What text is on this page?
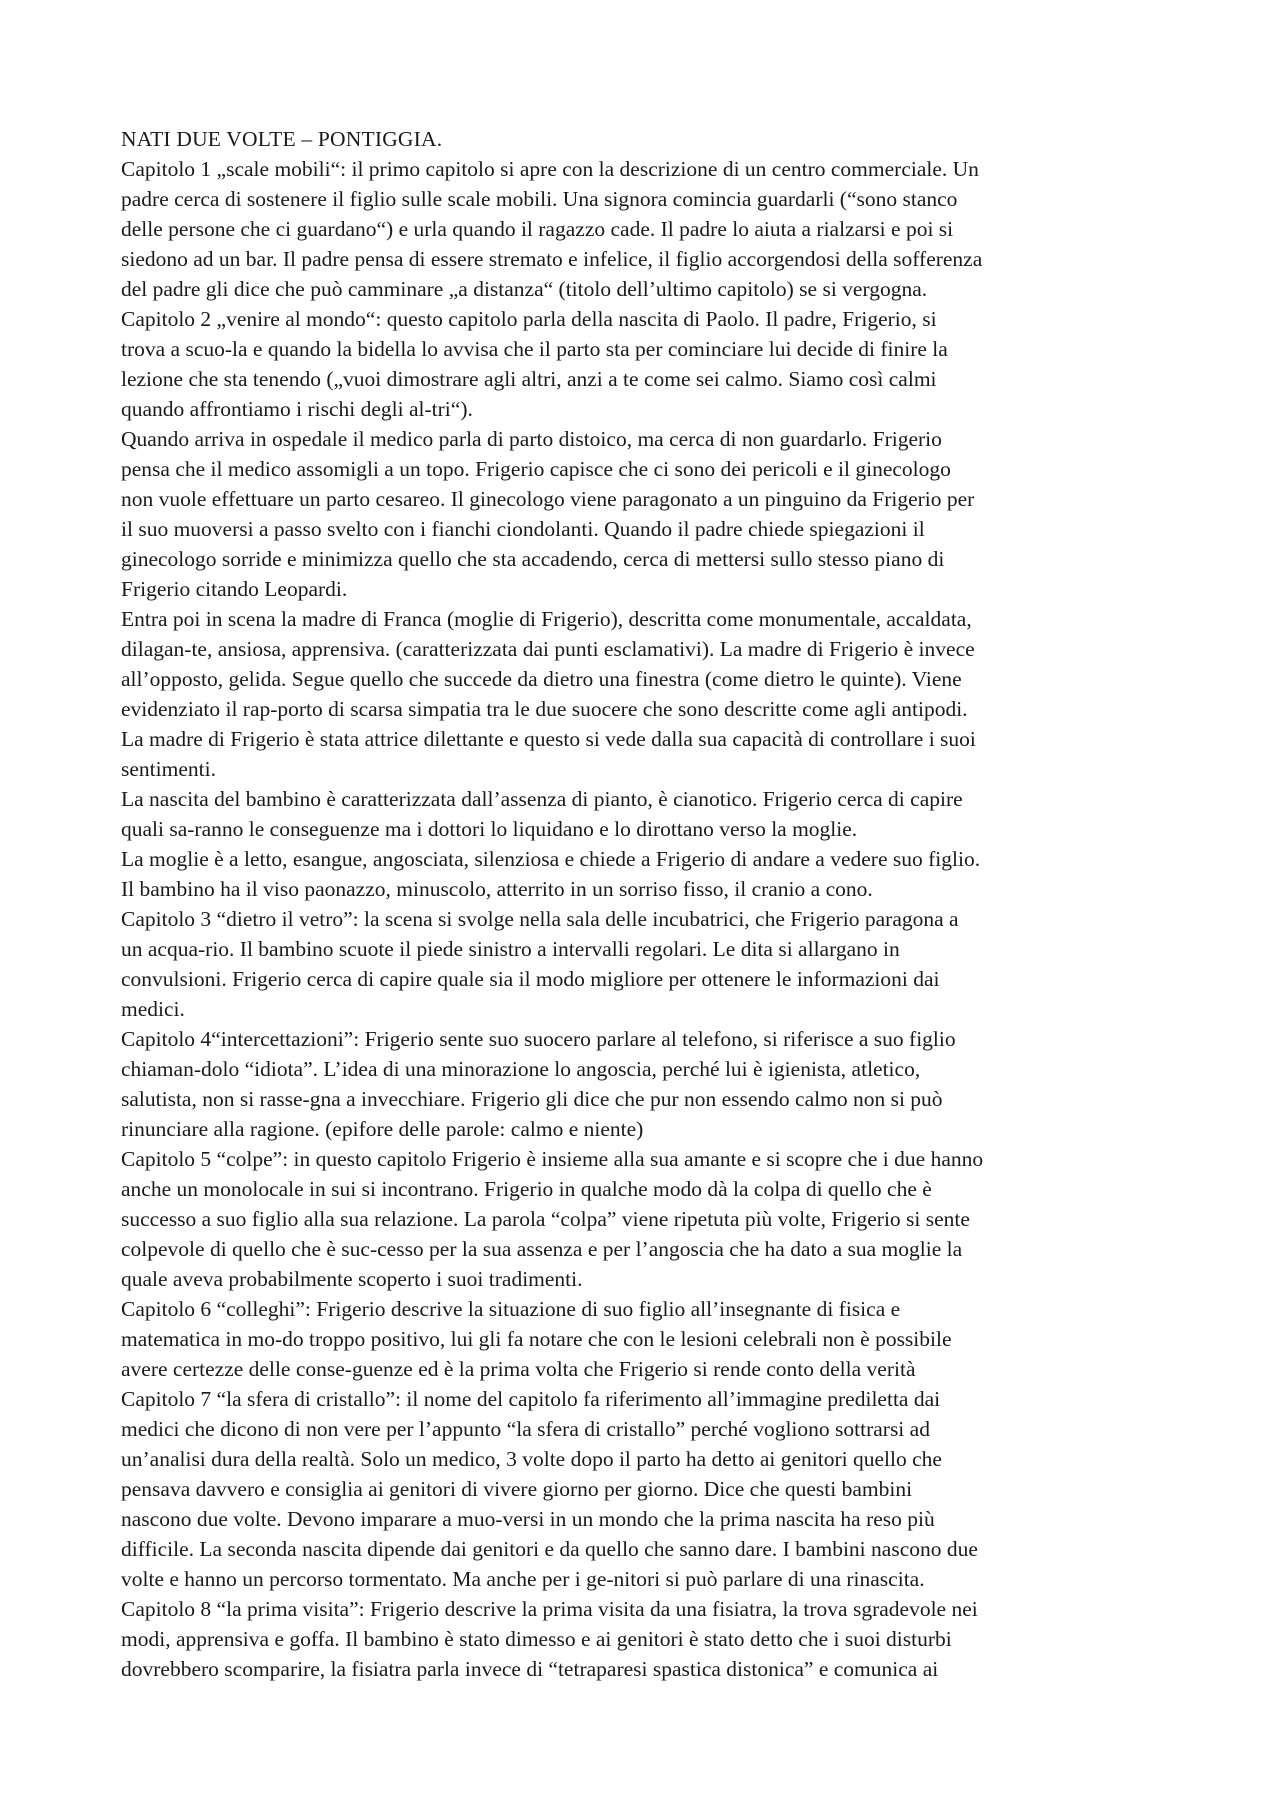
NATI DUE VOLTE – PONTIGGIA.
Capitolo 1 „scale mobili“: il primo capitolo si apre con la descrizione di un centro commerciale. Un
padre cerca di sostenere il figlio sulle scale mobili. Una signora comincia guardarli (“sono stanco
delle persone che ci guardano“) e urla quando il ragazzo cade. Il padre lo aiuta a rialzarsi e poi si
siedono ad un bar. Il padre pensa di essere stremato e infelice, il figlio accorgendosi della sofferenza
del padre gli dice che può camminare „a distanza“ (titolo dell’ultimo capitolo) se si vergogna.
Capitolo 2 „venire al mondo“: questo capitolo parla della nascita di Paolo. Il padre, Frigerio, si
trova a scuo-la e quando la bidella lo avvisa che il parto sta per cominciare lui decide di finire la
lezione che sta tenendo („vuoi dimostrare agli altri, anzi a te come sei calmo. Siamo così calmi
quando affrontiamo i rischi degli al-tri“).
Quando arriva in ospedale il medico parla di parto distoico, ma cerca di non guardarlo. Frigerio
pensa che il medico assomigli a un topo. Frigerio capisce che ci sono dei pericoli e il ginecologo
non vuole effettuare un parto cesareo. Il ginecologo viene paragonato a un pinguino da Frigerio per
il suo muoversi a passo svelto con i fianchi ciondolanti. Quando il padre chiede spiegazioni il
ginecologo sorride e minimizza quello che sta accadendo, cerca di mettersi sullo stesso piano di
Frigerio citando Leopardi.
Entra poi in scena la madre di Franca (moglie di Frigerio), descritta come monumentale, accaldata,
dilagan-te, ansiosa, apprensiva. (caratterizzata dai punti esclamativi). La madre di Frigerio è invece
all’opposto, gelida. Segue quello che succede da dietro una finestra (come dietro le quinte). Viene
evidenziato il rap-porto di scarsa simpatia tra le due suocere che sono descritte come agli antipodi.
La madre di Frigerio è stata attrice dilettante e questo si vede dalla sua capacità di controllare i suoi
sentimenti.
La nascita del bambino è caratterizzata dall’assenza di pianto, è cianotico. Frigerio cerca di capire
quali sa-ranno le conseguenze ma i dottori lo liquidano e lo dirottano verso la moglie.
La moglie è a letto, esangue, angosciata, silenziosa e chiede a Frigerio di andare a vedere suo figlio.
Il bambino ha il viso paonazzo, minuscolo, atterrito in un sorriso fisso, il cranio a cono.
Capitolo 3 “dietro il vetro”: la scena si svolge nella sala delle incubatrici, che Frigerio paragona a
un acqua-rio. Il bambino scuote il piede sinistro a intervalli regolari. Le dita si allargano in
convulsioni. Frigerio cerca di capire quale sia il modo migliore per ottenere le informazioni dai
medici.
Capitolo 4“intercettazioni”: Frigerio sente suo suocero parlare al telefono, si riferisce a suo figlio
chiaman-dolo “idiota”. L’idea di una minorazione lo angoscia, perché lui è igienista, atletico,
salutista, non si rasse-gna a invecchiare. Frigerio gli dice che pur non essendo calmo non si può
rinunciare alla ragione. (epifore delle parole: calmo e niente)
Capitolo 5 “colpe”: in questo capitolo Frigerio è insieme alla sua amante e si scopre che i due hanno
anche un monolocale in sui si incontrano. Frigerio in qualche modo dà la colpa di quello che è
successo a suo figlio alla sua relazione. La parola “colpa” viene ripetuta più volte, Frigerio si sente
colpevole di quello che è suc-cesso per la sua assenza e per l’angoscia che ha dato a sua moglie la
quale aveva probabilmente scoperto i suoi tradimenti.
Capitolo 6 “colleghi”: Frigerio descrive la situazione di suo figlio all’insegnante di fisica e
matematica in mo-do troppo positivo, lui gli fa notare che con le lesioni celebrali non è possibile
avere certezze delle conse-guenze ed è la prima volta che Frigerio si rende conto della verità
Capitolo 7 “la sfera di cristallo”: il nome del capitolo fa riferimento all’immagine prediletta dai
medici che dicono di non vere per l’appunto “la sfera di cristallo” perché vogliono sottrarsi ad
un’analisi dura della realtà. Solo un medico, 3 volte dopo il parto ha detto ai genitori quello che
pensava davvero e consiglia ai genitori di vivere giorno per giorno. Dice che questi bambini
nascono due volte. Devono imparare a muo-versi in un mondo che la prima nascita ha reso più
difficile. La seconda nascita dipende dai genitori e da quello che sanno dare. I bambini nascono due
volte e hanno un percorso tormentato. Ma anche per i ge-nitori si può parlare di una rinascita.
Capitolo 8 “la prima visita”: Frigerio descrive la prima visita da una fisiatra, la trova sgradevole nei
modi, apprensiva e goffa. Il bambino è stato dimesso e ai genitori è stato detto che i suoi disturbi
dovrebbero scomparire, la fisiatra parla invece di “tetraparesi spastica distonica” e comunica ai
